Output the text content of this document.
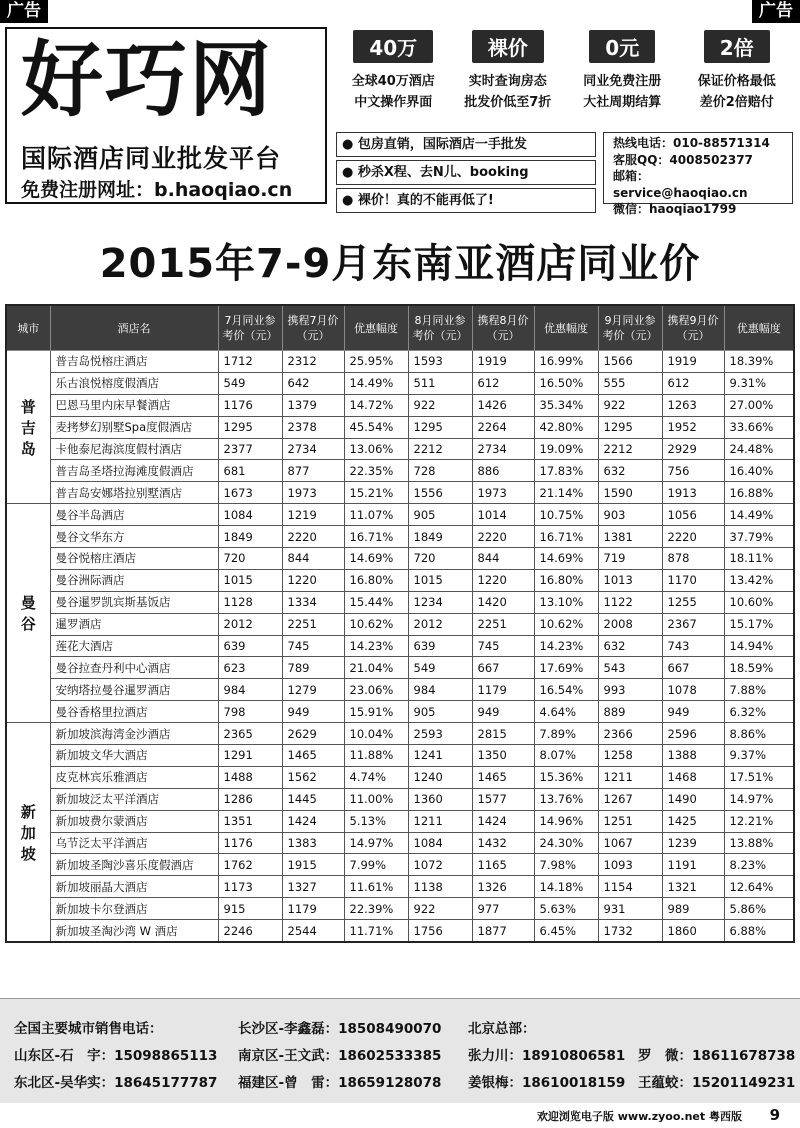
广告	广告
好巧网
国际酒店同业批发平台
免费注册网址：b.haoqiao.cn
40万
全球40万酒店
中文操作界面
裸价
实时查询房态
批发价低至7折
0元
同业免费注册
大社周期结算
2倍
保证价格最低
差价2倍赔付
● 包房直销，国际酒店一手批发
● 秒杀X程、去N儿、booking
● 裸价！真的不能再低了!
热线电话：010-88571314
客服QQ：4008502377
邮箱：service@haoqiao.cn
微信：haoqiao1799
2015年7-9月东南亚酒店同业价
城市	酒店名	7月同业参考价（元）	携程7月价（元）	优惠幅度	8月同业参考价（元）	携程8月价（元）	优惠幅度	9月同业参考价（元）	携程9月价（元）	优惠幅度
普吉岛	普吉岛悦榕庄酒店	1712	2312	25.95%	1593	1919	16.99%	1566	1919	18.39%
	乐古浪悦榕度假酒店	549	642	14.49%	511	612	16.50%	555	612	9.31%
	巴恩马里内床早餐酒店	1176	1379	14.72%	922	1426	35.34%	922	1263	27.00%
	麦拷梦幻别墅Spa度假酒店	1295	2378	45.54%	1295	2264	42.80%	1295	1952	33.66%
	卡他泰尼海滨度假村酒店	2377	2734	13.06%	2212	2734	19.09%	2212	2929	24.48%
	普吉岛圣塔拉海滩度假酒店	681	877	22.35%	728	886	17.83%	632	756	16.40%
	普吉岛安娜塔拉别墅酒店	1673	1973	15.21%	1556	1973	21.14%	1590	1913	16.88%
曼谷	曼谷半岛酒店	1084	1219	11.07%	905	1014	10.75%	903	1056	14.49%
	曼谷文华东方	1849	2220	16.71%	1849	2220	16.71%	1381	2220	37.79%
	曼谷悦榕庄酒店	720	844	14.69%	720	844	14.69%	719	878	18.11%
	曼谷洲际酒店	1015	1220	16.80%	1015	1220	16.80%	1013	1170	13.42%
	曼谷暹罗凯宾斯基饭店	1128	1334	15.44%	1234	1420	13.10%	1122	1255	10.60%
	暹罗酒店	2012	2251	10.62%	2012	2251	10.62%	2008	2367	15.17%
	莲花大酒店	639	745	14.23%	639	745	14.23%	632	743	14.94%
	曼谷拉查丹利中心酒店	623	789	21.04%	549	667	17.69%	543	667	18.59%
	安纳塔拉曼谷暹罗酒店	984	1279	23.06%	984	1179	16.54%	993	1078	7.88%
	曼谷香格里拉酒店	798	949	15.91%	905	949	4.64%	889	949	6.32%
新加坡	新加坡滨海湾金沙酒店	2365	2629	10.04%	2593	2815	7.89%	2366	2596	8.86%
	新加坡文华大酒店	1291	1465	11.88%	1241	1350	8.07%	1258	1388	9.37%
	皮克林宾乐雅酒店	1488	1562	4.74%	1240	1465	15.36%	1211	1468	17.51%
	新加坡泛太平洋酒店	1286	1445	11.00%	1360	1577	13.76%	1267	1490	14.97%
	新加坡费尔蒙酒店	1351	1424	5.13%	1211	1424	14.96%	1251	1425	12.21%
	乌节泛太平洋酒店	1176	1383	14.97%	1084	1432	24.30%	1067	1239	13.88%
	新加坡圣陶沙喜乐度假酒店	1762	1915	7.99%	1072	1165	7.98%	1093	1191	8.23%
	新加坡丽晶大酒店	1173	1327	11.61%	1138	1326	14.18%	1154	1321	12.64%
	新加坡卡尔登酒店	915	1179	22.39%	922	977	5.63%	931	989	5.86%
	新加坡圣淘沙湾 W 酒店	2246	2544	11.71%	1756	1877	6.45%	1732	1860	6.88%
全国主要城市销售电话：	长沙区-李鑫磊：18508490070 北京总部：
山东区-石　宇：15098865113 南京区-王文武：18602533385 张力川：18910806581 罗　微：18611678738
东北区-吴华实：18645177787 福建区-曾　雷：18659128078 姜银梅：18610018159 王蕴蛟：15201149231
欢迎浏览电子版 www.zyoo.net 粤西版 9
